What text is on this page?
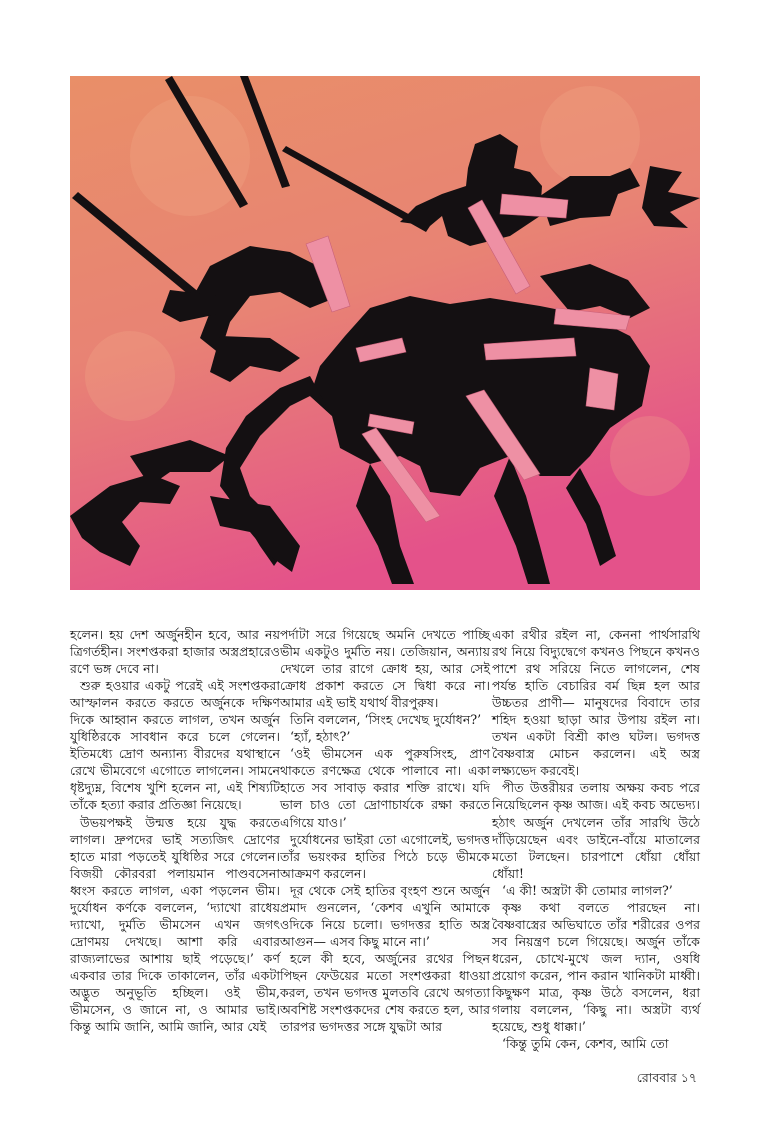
হলেন। হয় দেশ অর্জুনহীন হবে, আর নয় ত্রিগর্তহীন। সংশপ্তকরা হাজার অস্ত্রপ্রহারেও রণে ভঙ্গ দেবে না।

শুরু হওয়ার একটু পরেই এই সংশপ্তকরা আস্ফালন করতে করতে অর্জুনকে দক্ষিণ দিকে আহ্বান করতে লাগল, তখন অর্জুন যুধিষ্ঠিরকে সাবধান করে চলে গেলেন। ইতিমধ্যে দ্রোণ অন্যান্য বীরদের যথাস্থানে রেখে ভীমবেগে এগোতে লাগলেন। সামনে ধৃষ্টদ্যুম্ন, বিশেষ খুশি হলেন না, এই শিষ্যটি তাঁকে হত্যা করার প্রতিজ্ঞা নিয়েছে।

উভয়পক্ষই উন্মত্ত হয়ে যুদ্ধ করতে লাগল। দ্রুপদের ভাই সত্যজিৎ দ্রোণের হাতে মারা পড়তেই যুধিষ্ঠির সরে গেলেন। বিজয়ী কৌরবরা পলায়মান পাণ্ডবসেনা ধ্বংস করতে লাগল, একা পড়লেন ভীম। দুর্যোধন কর্ণকে বললেন, ‘দ্যাখো রাধেয় দ্যাখো, দুর্মতি ভীমসেন এখন জগৎ দ্রোণময় দেখছে। আশা করি এবার রাজ্যলাভের আশায় ছাই পড়েছে।’ কর্ণ একবার তার দিকে তাকালেন, তাঁর একটা অদ্ভুত অনুভূতি হচ্ছিল। ওই ভীম, ভীমসেন, ও জানে না, ও আমার ভাই। কিন্তু আমি জানি, আমি জানি, আর যেই

পর্দাটা সরে গিয়েছে অমনি দেখতে পাচ্ছি ভীম একটুও দুর্মতি নয়। তেজিয়ান, অন্যায় দেখলে তার রাগে ক্রোধ হয়, আর সেই ক্রোধ প্রকাশ করতে সে দ্বিধা করে না। আমার এই ভাই যথার্থ বীরপুরুষ।

তিনি বললেন, ‘সিংহ দেখেছ দুর্যোধন?’

‘হ্যাঁ, হঠাৎ?’

‘ওই ভীমসেন এক পুরুষসিংহ, প্রাণ থাকতে রণক্ষেত্র থেকে পালাবে না। একা হাতে সব সাবাড় করার শক্তি রাখে। যদি ভাল চাও তো দ্রোণাচার্যকে রক্ষা করতে এগিয়ে যাও।’

দুর্যোধনের ভাইরা তো এগোলেই, ভগদত্ত তাঁর ভয়ংকর হাতির পিঠে চড়ে ভীমকে আক্রমণ করলেন।

দূর থেকে সেই হাতির বৃংহণ শুনে অর্জুন প্রমাদ গুনলেন, ‘কেশব এখুনি আমাকে ওদিকে নিয়ে চলো। ভগদত্তর হাতি অস্ত্র আগুন— এসব কিছু মানে না।’

হলে কী হবে, অর্জুনের রথের পিছন পিছন ফেউয়ের মতো সংশপ্তকরা ধাওয়া করল, তখন ভগদত্ত মুলতবি রেখে অগত্যা অবশিষ্ট সংশপ্তকদের শেষ করতে হল, আর তারপর ভগদত্তর সঙ্গে যুদ্ধটা আর

একা রথীর রইল না, কেননা পার্থসারথি রথ নিয়ে বিদ্যুদ্বেগে কখনও পিছনে কখনও পাশে রথ সরিয়ে নিতে লাগলেন, শেষ পর্যন্ত হাতি বেচারির বর্ম ছিন্ন হল আর উচ্চতর প্রাণী— মানুষদের বিবাদে তার শহিদ হওয়া ছাড়া আর উপায় রইল না। তখন একটা বিশ্রী কাণ্ড ঘটল। ভগদত্ত বৈষ্ণবাস্ত্র মোচন করলেন। এই অস্ত্র লক্ষ্যভেদ করবেই।

পীত উত্তরীয়র তলায় অক্ষয় কবচ পরে নিয়েছিলেন কৃষ্ণ আজ। এই কবচ অভেদ্য। হঠাৎ অর্জুন দেখলেন তাঁর সারথি উঠে দাঁড়িয়েছেন এবং ডাইনে-বাঁয়ে মাতালের মতো টলছেন। চারপাশে ধোঁয়া ধোঁয়া ধোঁয়া!

‘এ কী! অস্ত্রটা কী তোমার লাগল?’

কৃষ্ণ কথা বলতে পারছেন না। বৈষ্ণবাস্ত্রের অভিঘাতে তাঁর শরীরের ওপর সব নিয়ন্ত্রণ চলে গিয়েছে। অর্জুন তাঁকে ধরেন, চোখে-মুখে জল দ্যান, ওষধি প্রয়োগ করেন, পান করান খানিকটা মাধ্বী। কিছুক্ষণ মাত্র, কৃষ্ণ উঠে বসলেন, ধরা গলায় বললেন, ‘কিছু না। অস্ত্রটা ব্যর্থ হয়েছে, শুধু ধাক্কা।’

‘কিন্তু তুমি কেন, কেশব, আমি তো

রোববার ১৭
